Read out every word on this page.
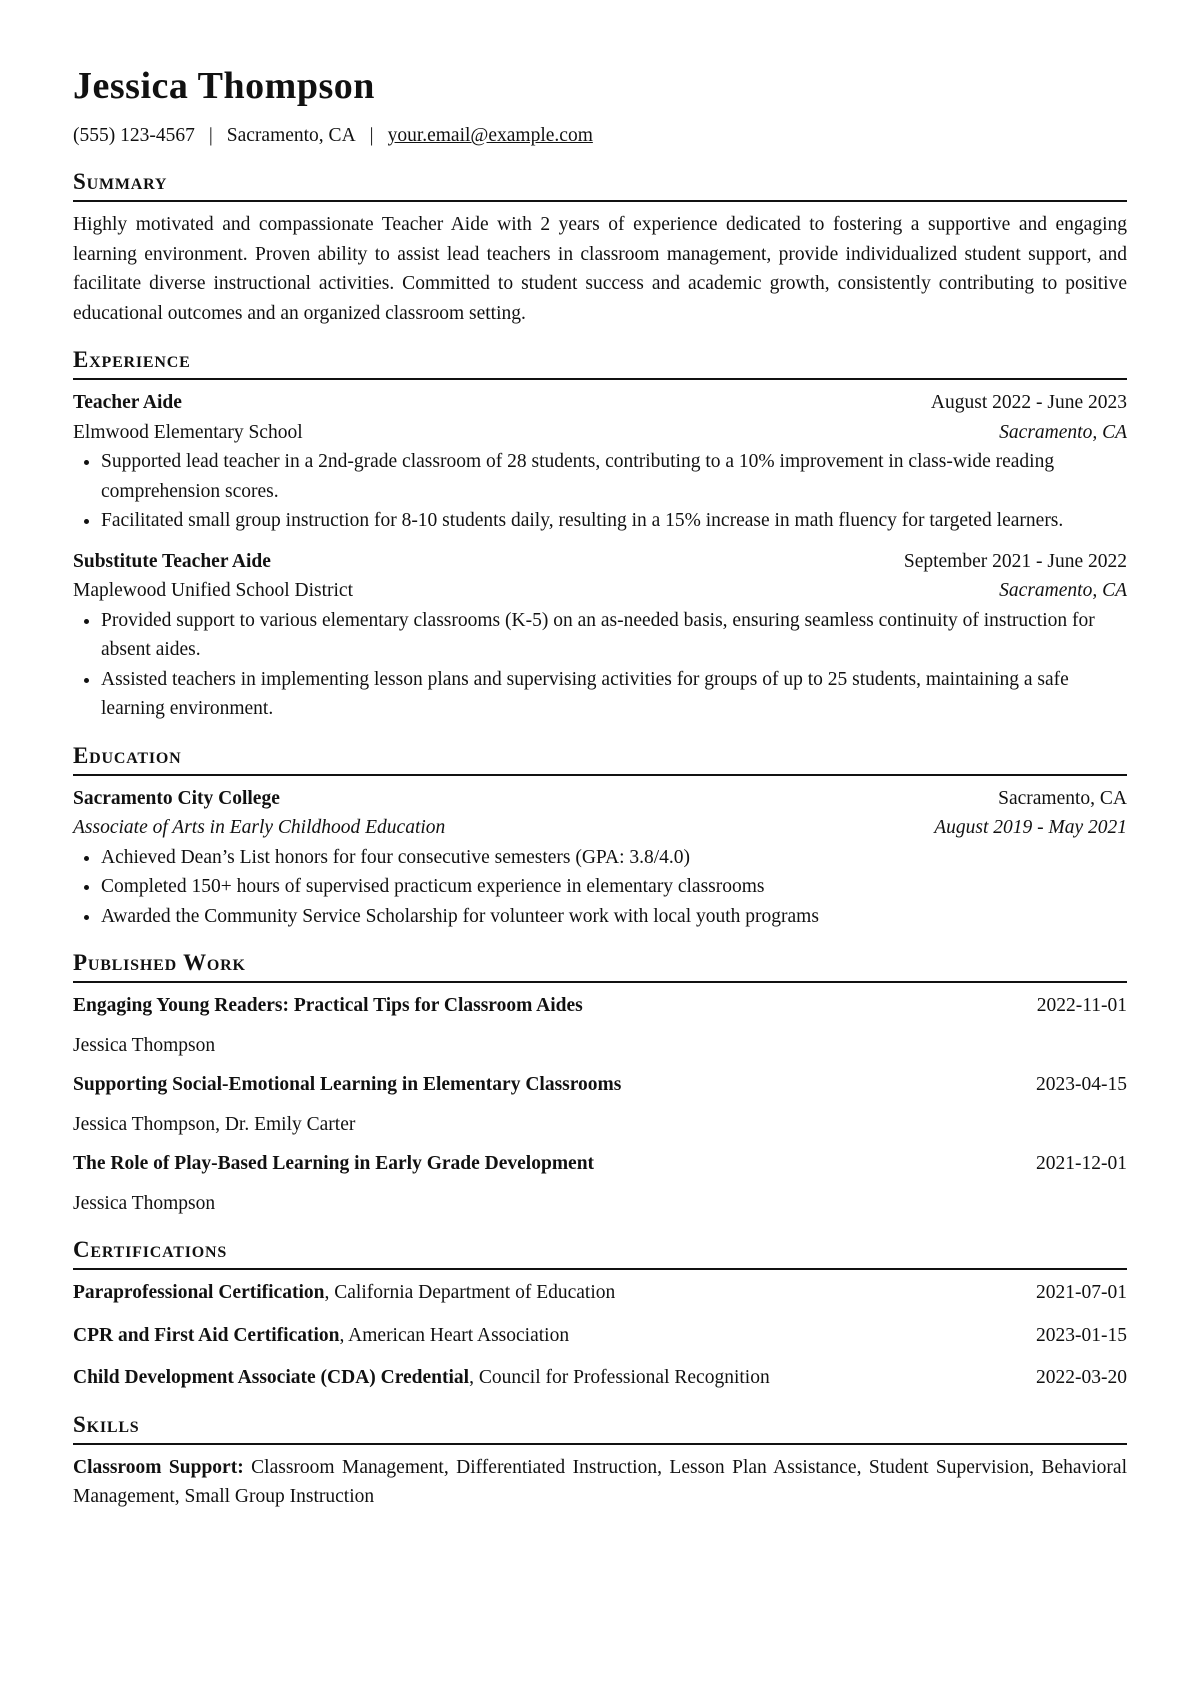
Jessica Thompson
(555) 123-4567 | Sacramento, CA | your.email@example.com
Summary

Highly motivated and compassionate Teacher Aide with 2 years of experience dedicated to fostering a supportive and engaging learning environment. Proven ability to assist lead teachers in classroom management, provide individualized student support, and facilitate diverse instructional activities. Committed to student success and academic growth, consistently contributing to positive educational outcomes and an organized classroom setting.

Experience
Teacher Aide	August 2022 - June 2023
Elmwood Elementary School	Sacramento, CA
• Supported lead teacher in a 2nd-grade classroom of 28 students, contributing to a 10% improvement in class-wide reading comprehension scores.
• Facilitated small group instruction for 8-10 students daily, resulting in a 15% increase in math fluency for targeted learners.
Substitute Teacher Aide	September 2021 - June 2022
Maplewood Unified School District	Sacramento, CA
• Provided support to various elementary classrooms (K-5) on an as-needed basis, ensuring seamless continuity of instruction for absent aides.
• Assisted teachers in implementing lesson plans and supervising activities for groups of up to 25 students, maintaining a safe learning environment.
Education
Sacramento City College	Sacramento, CA
Associate of Arts in Early Childhood Education	August 2019 - May 2021
• Achieved Dean’s List honors for four consecutive semesters (GPA: 3.8/4.0)
• Completed 150+ hours of supervised practicum experience in elementary classrooms
• Awarded the Community Service Scholarship for volunteer work with local youth programs
Published Work
Engaging Young Readers: Practical Tips for Classroom Aides	2022-11-01
Jessica Thompson
Supporting Social-Emotional Learning in Elementary Classrooms	2023-04-15
Jessica Thompson, Dr. Emily Carter
The Role of Play-Based Learning in Early Grade Development	2021-12-01
Jessica Thompson
Certifications
Paraprofessional Certification, California Department of Education	2021-07-01
CPR and First Aid Certification, American Heart Association	2023-01-15
Child Development Associate (CDA) Credential, Council for Professional Recognition	2022-03-20
Skills

Classroom Support: Classroom Management, Differentiated Instruction, Lesson Plan Assistance, Student Supervision, Behavioral Management, Small Group Instruction
